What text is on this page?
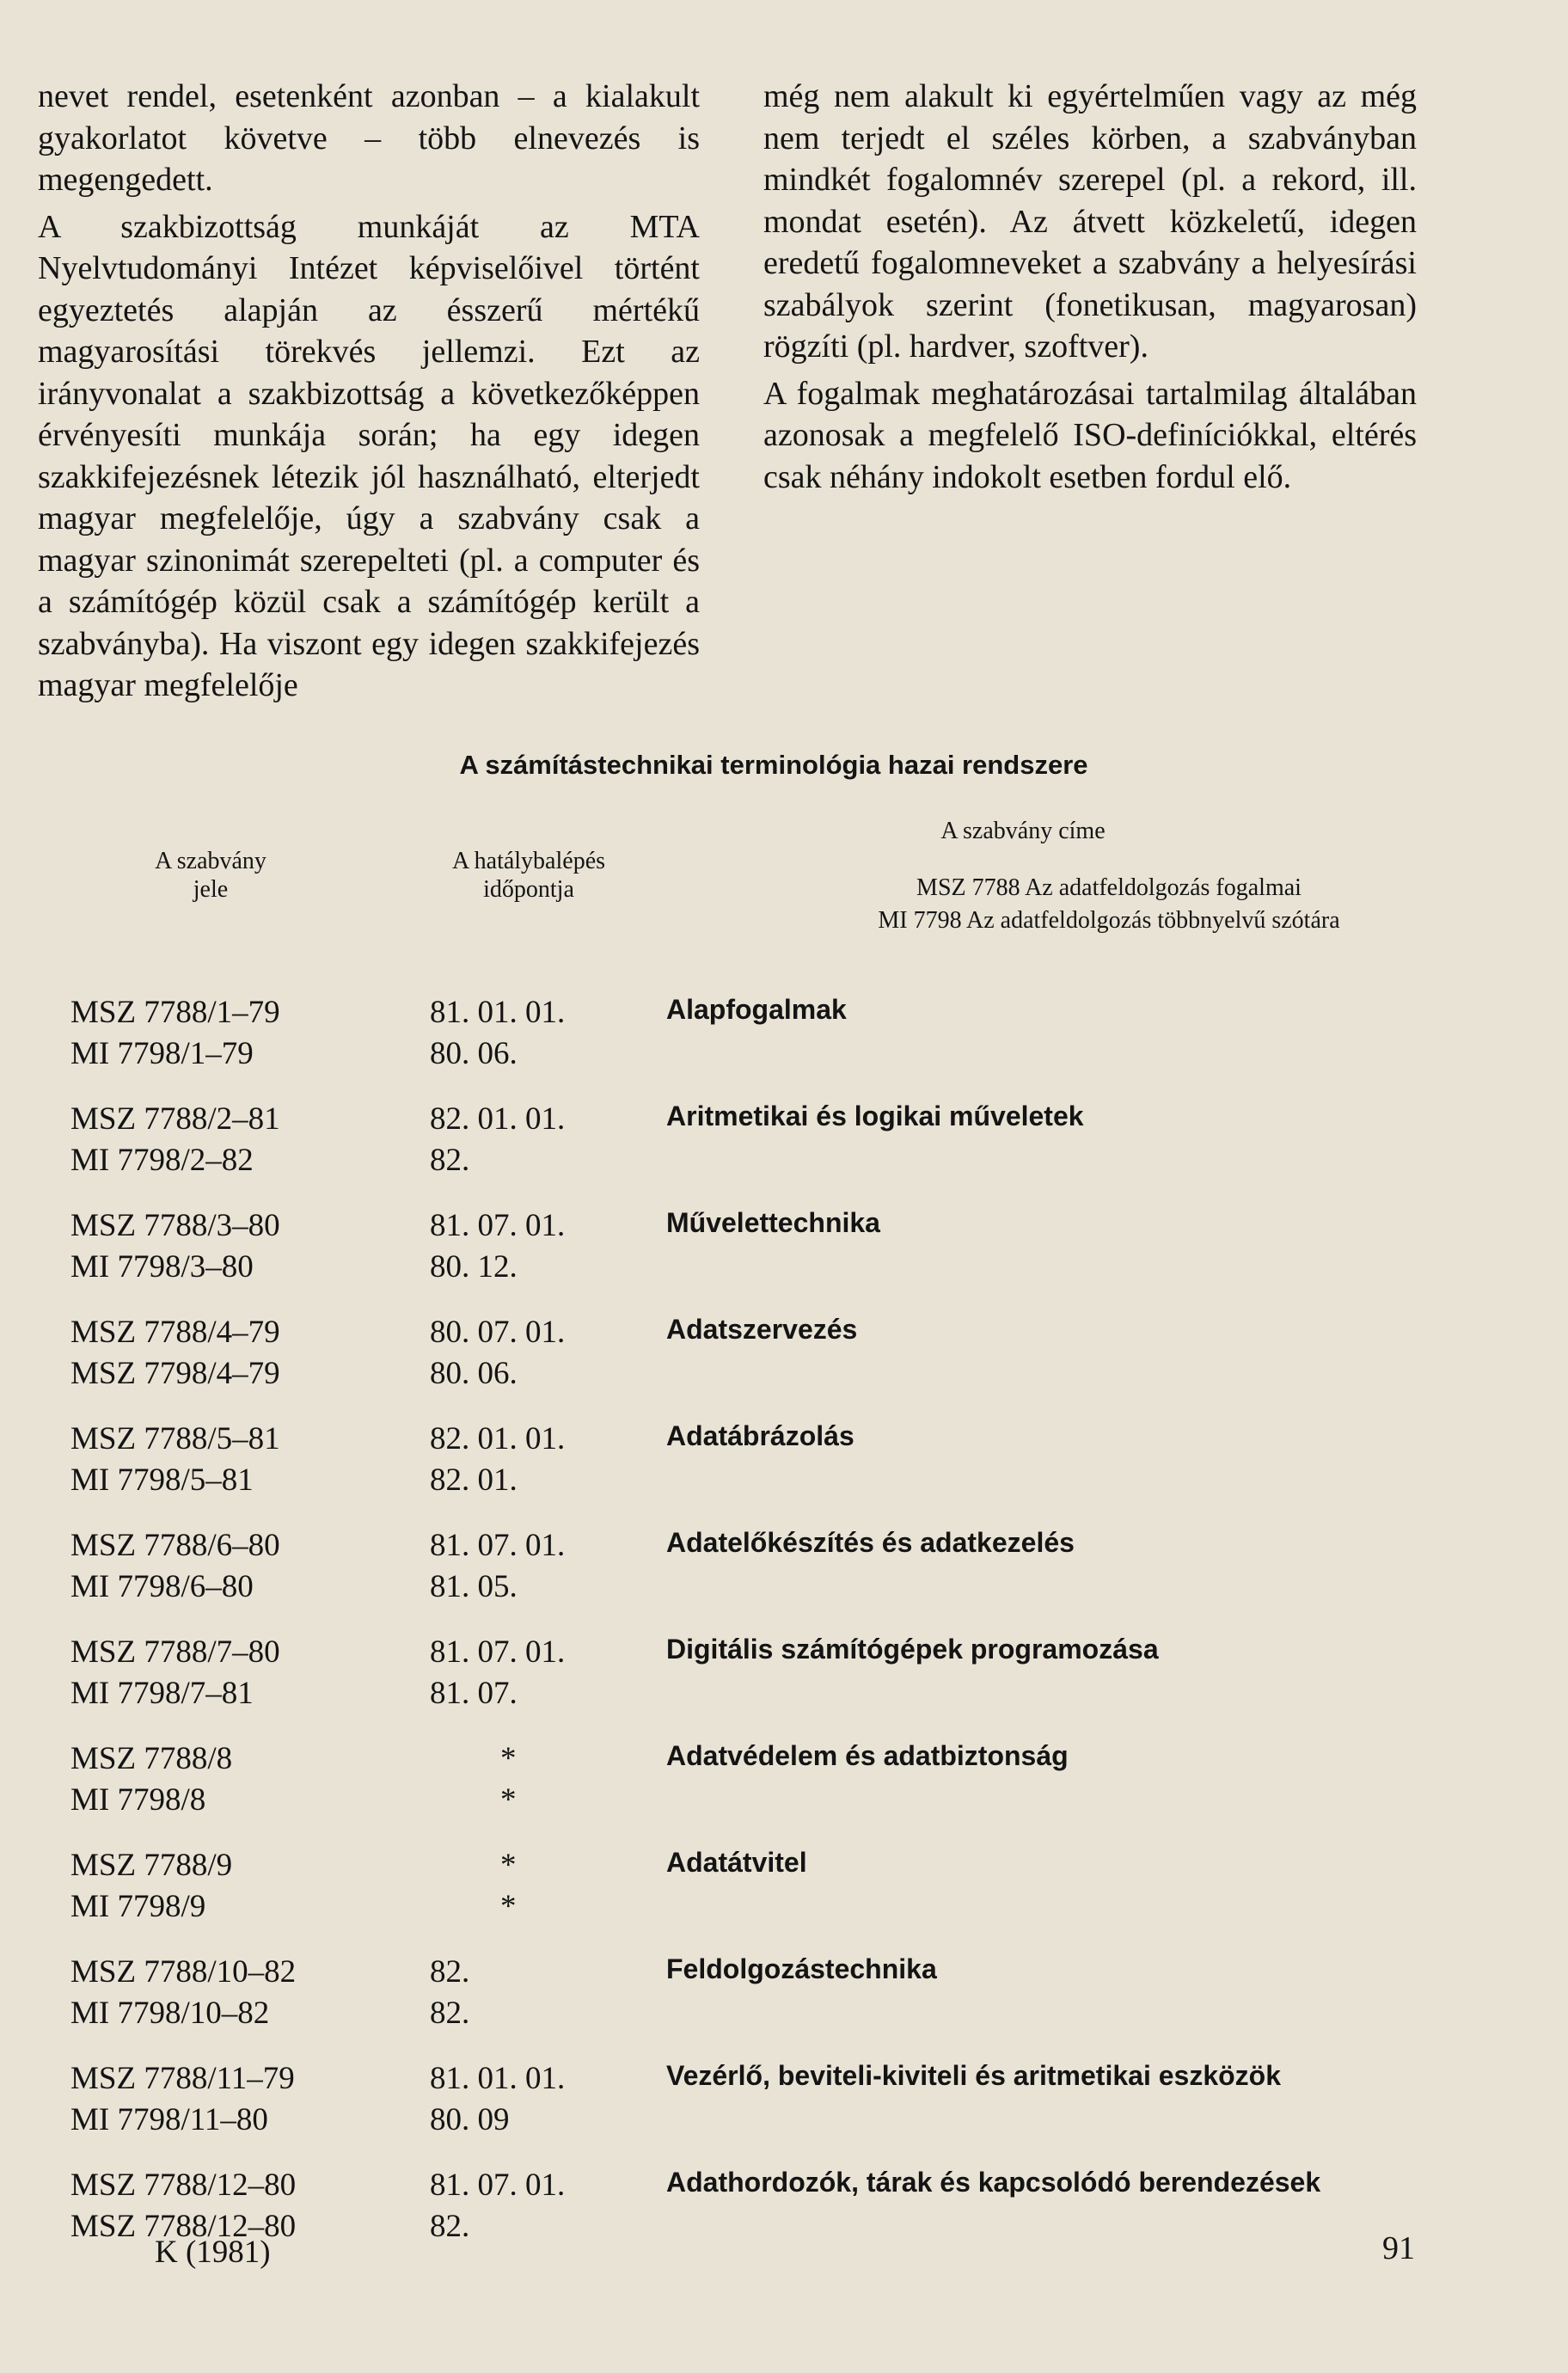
nevet rendel, esetenként azonban – a kialakult gyakorlatot követve – több elnevezés is megengedett.

A szakbizottság munkáját az MTA Nyelvtudományi Intézet képviselőivel történt egyeztetés alapján az ésszerű mértékű magyarosítási törekvés jellemzi. Ezt az irányvonalat a szakbizottság a következőképpen érvényesíti munkája során; ha egy idegen szakkifejezésnek létezik jól használható, elterjedt magyar megfelelője, úgy a szabvány csak a magyar szinonimát szerepelteti (pl. a computer és a számítógép közül csak a számítógép került a szabványba). Ha viszont egy idegen szakkifejezés magyar megfelelője

még nem alakult ki egyértelműen vagy az még nem terjedt el széles körben, a szabványban mindkét fogalomnév szerepel (pl. a rekord, ill. mondat esetén). Az átvett közkeletű, idegen eredetű fogalomneveket a szabvány a helyesírási szabályok szerint (fonetikusan, magyarosan) rögzíti (pl. hardver, szoftver).

A fogalmak meghatározásai tartalmilag általában azonosak a megfelelő ISO-definíciókkal, eltérés csak néhány indokolt esetben fordul elő.

A számítástechnikai terminológia hazai rendszere
A szabvány
jele
A hatálybalépés
időpontja
A szabvány címe
MSZ 7788 Az adatfeldolgozás fogalmai
MI 7798 Az adatfeldolgozás többnyelvű szótára
MSZ 7788/1–79
MI 7798/1–79
81. 01. 01.
80. 06.
Alapfogalmak
MSZ 7788/2–81
MI 7798/2–82
82. 01. 01.
82.
Aritmetikai és logikai műveletek
MSZ 7788/3–80
MI 7798/3–80
81. 07. 01.
80. 12.
Művelettechnika
MSZ 7788/4–79
MSZ 7798/4–79
80. 07. 01.
80. 06.
Adatszervezés
MSZ 7788/5–81
MI 7798/5–81
82. 01. 01.
82. 01.
Adatábrázolás
MSZ 7788/6–80
MI 7798/6–80
81. 07. 01.
81. 05.
Adatelőkészítés és adatkezelés
MSZ 7788/7–80
MI 7798/7–81
81. 07. 01.
81. 07.
Digitális számítógépek programozása
MSZ 7788/8
MI 7798/8
*
*
Adatvédelem és adatbiztonság
MSZ 7788/9
MI 7798/9
*
*
Adatátvitel
MSZ 7788/10–82
MI 7798/10–82
82.
82.
Feldolgozástechnika
MSZ 7788/11–79
MI 7798/11–80
81. 01. 01.
80. 09
Vezérlő, beviteli-kiviteli és aritmetikai eszközök
MSZ 7788/12–80
MSZ 7788/12–80
81. 07. 01.
82.
Adathordozók, tárak és kapcsolódó berendezések
K (1981)	91
